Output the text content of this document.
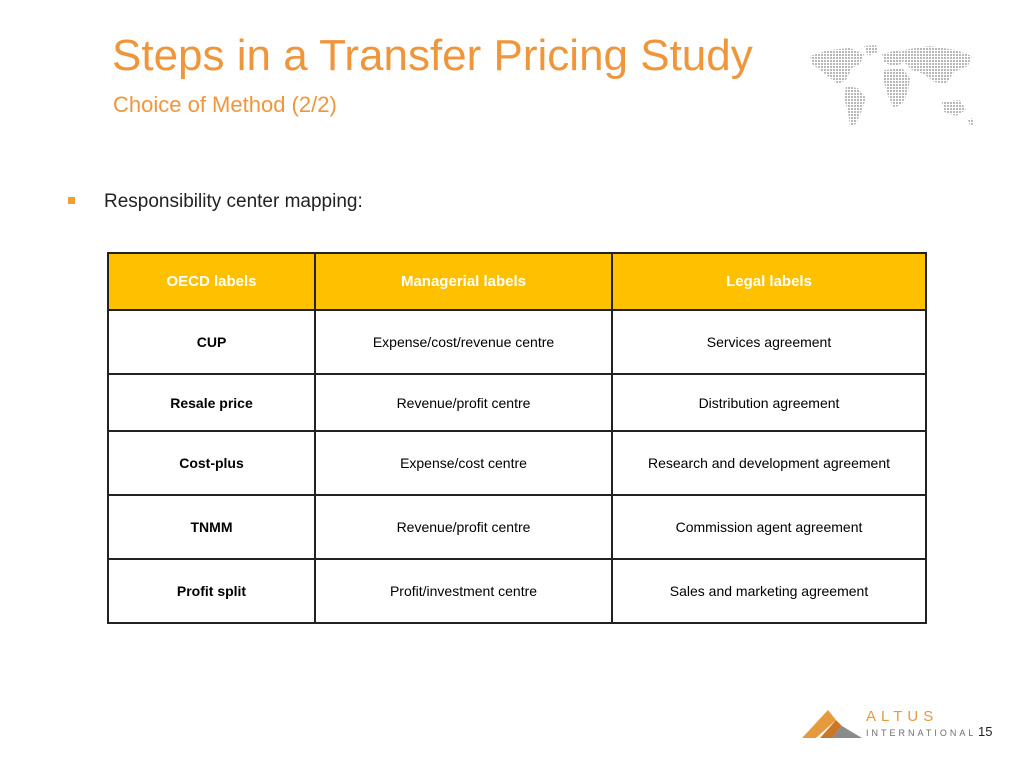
Steps in a Transfer Pricing Study
Choice of Method (2/2)
Responsibility center mapping:
OECD labels	Managerial labels	Legal labels
CUP	Expense/cost/revenue centre	Services agreement
Resale price	Revenue/profit centre	Distribution agreement
Cost-plus	Expense/cost centre	Research and development agreement
TNMM	Revenue/profit centre	Commission agent agreement
Profit split	Profit/investment centre	Sales and marketing agreement
ALTUS
INTERNATIONAL 15
